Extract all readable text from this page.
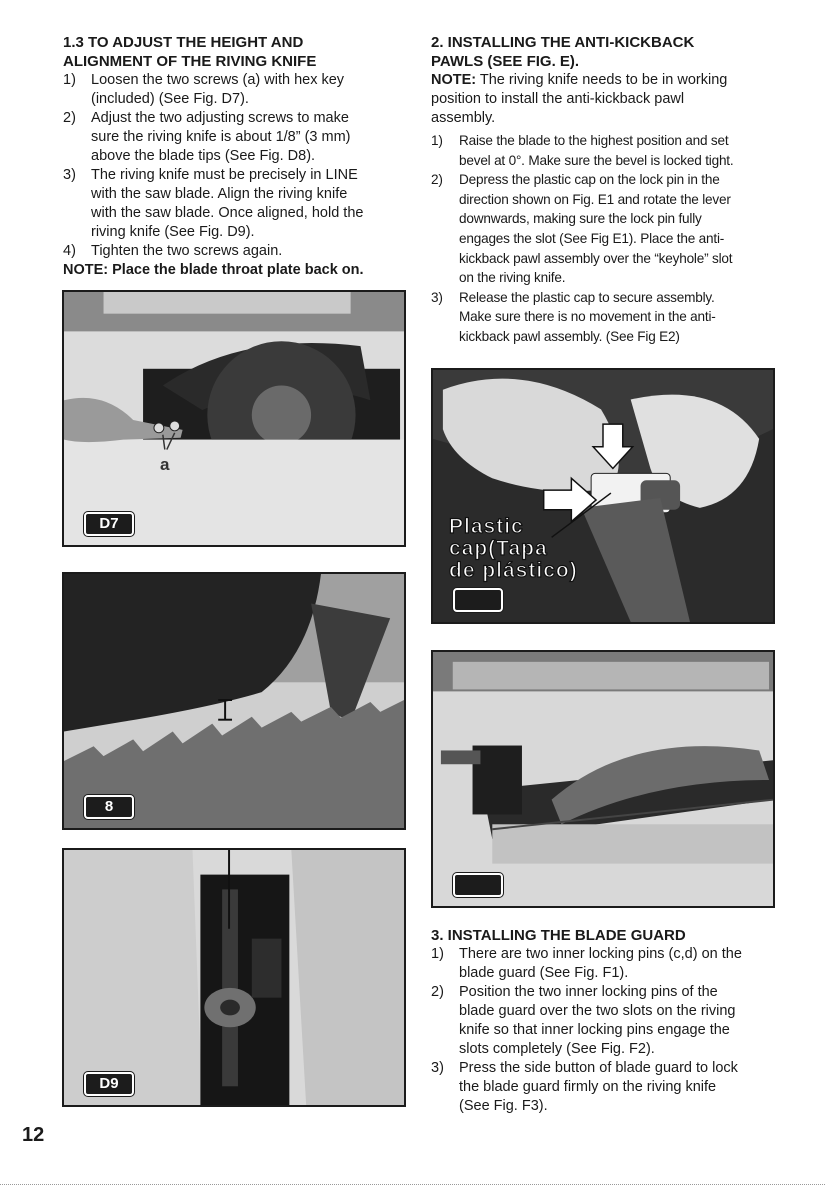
1.3 TO ADJUST THE HEIGHT AND
ALIGNMENT OF THE RIVING KNIFE
1) Loosen the two screws (a) with hex key
(included) (See Fig. D7).
2) Adjust the two adjusting screws to make
sure the riving knife is about 1/8” (3 mm)
above the blade tips (See Fig. D8).
3) The riving knife must be precisely in LINE
with the saw blade. Align the riving knife
with the saw blade. Once aligned, hold the
riving knife (See Fig. D9).
4) Tighten the two screws again.
NOTE: Place the blade throat plate back on.
a
D7
8
D9
2. INSTALLING THE ANTI-KICKBACK
PAWLS (SEE FIG. E).
NOTE: The riving knife needs to be in working
position to install the anti-kickback pawl
assembly.
1) Raise the blade to the highest position and set
bevel at 0°. Make sure the bevel is locked tight.
2) Depress the plastic cap on the lock pin in the
direction shown on Fig. E1 and rotate the lever
downwards, making sure the lock pin fully
engages the slot (See Fig E1). Place the anti-
kickback pawl assembly over the “keyhole” slot
on the riving knife.
3) Release the plastic cap to secure assembly.
Make sure there is no movement in the anti-
kickback pawl assembly. (See Fig E2)
Plastic
cap(Tapa
de plástico)
3. INSTALLING THE BLADE GUARD
1) There are two inner locking pins (c,d) on the
blade guard (See Fig. F1).
2) Position the two inner locking pins of the
blade guard over the two slots on the riving
knife so that inner locking pins engage the
slots completely (See Fig. F2).
3) Press the side button of blade guard to lock
the blade guard firmly on the riving knife
(See Fig. F3).
12
